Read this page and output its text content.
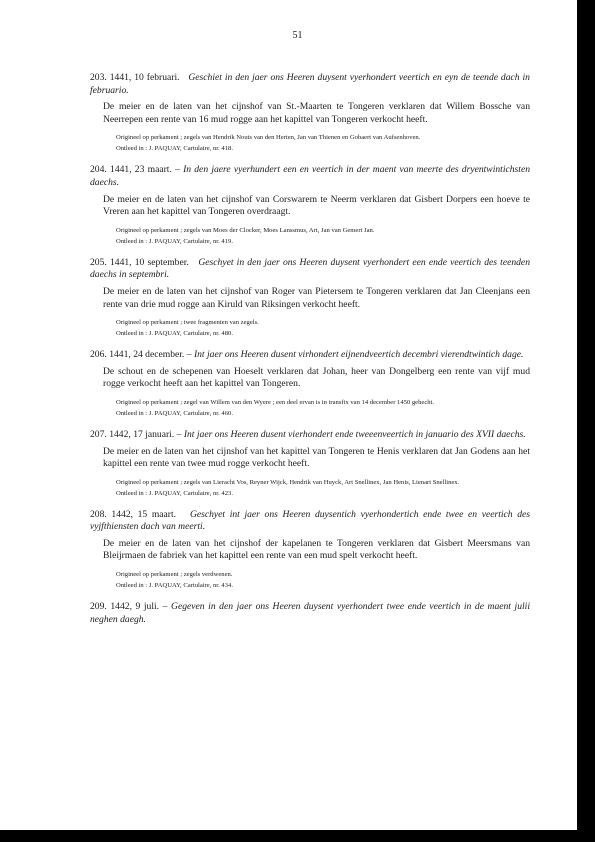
51

203. 1441, 10 februari. Geschiet in den jaer ons Heeren duysent vyerhondert veertich en eyn de teende dach in februario.

De meier en de laten van het cijnshof van St.-Maarten te Tongeren verklaren dat Willem Bossche van Neerrepen een rente van 16 mud rogge aan het kapittel van Tongeren verkocht heeft.

Origineel op perkament ; zegels van Hendrik Nouts van den Herten, Jan van Thienen en Gobaert van Aufsenhoven.

Ontleed in : J. PAQUAY, Cartulaire, nr. 418.

204. 1441, 23 maart. – In den jaere vyerhundert een en veertich in der maent van meerte des dryentwintichsten daechs.

De meier en de laten van het cijnshof van Corswarem te Neerm verklaren dat Gisbert Dorpers een hoeve te Vreren aan het kapittel van Tongeren overdraagt.

Origineel op perkament ; zegels van Moes der Clocker, Moes Lanssmus, Art, Jan van Gemert Jan.

Ontleed in : J. PAQUAY, Cartulaire, nr. 419.

205. 1441, 10 september. Geschyet in den jaer ons Heeren duysent vyerhondert een ende veertich des teenden daechs in septembri.

De meier en de laten van het cijnshof van Roger van Pietersem te Tongeren verklaren dat Jan Cleenjans een rente van drie mud rogge aan Kiruld van Riksingen verkocht heeft.

Origineel op perkament ; twee fragmenten van zegels.

Ontleed in : J. PAQUAY, Cartulaire, nr. 480.

206. 1441, 24 december. – Int jaer ons Heeren dusent virhondert eijnendveertich decembri vierendtwintich dage.

De schout en de schepenen van Hoeselt verklaren dat Johan, heer van Dongelberg een rente van vijf mud rogge verkocht heeft aan het kapittel van Tongeren.

Origineel op perkament ; zegel van Willem van den Wyere ; een deel ervan is in transfix van 14 december 1450 gehecht.

Ontleed in : J. PAQUAY, Cartulaire, nr. 460.

207. 1442, 17 januari. – Int jaer ons Heeren dusent vierhondert ende tweeenveertich in januario des XVII daechs.

De meier en de laten van het cijnshof van het kapittel van Tongeren te Henis verklaren dat Jan Godens aan het kapittel een rente van twee mud rogge verkocht heeft.

Origineel op perkament ; zegels van Lieracht Vos, Reyner Wijck, Hendrik van Huyck, Art Snellinex, Jan Henis, Lienart Snellinex.

Ontleed in : J. PAQUAY, Cartulaire, nr. 423.

208. 1442, 15 maart. Geschyet int jaer ons Heeren duysentich vyerhondertich ende twee en veertich des vyjfthiensten dach van meerti.

De meier en de laten van het cijnshof der kapelanen te Tongeren verklaren dat Gisbert Meersmans van Bleijrmaen de fabriek van het kapittel een rente van een mud spelt verkocht heeft.

Origineel op perkament ; zegels verdwenen.

Ontleed in : J. PAQUAY, Cartulaire, nr. 434.

209. 1442, 9 juli. – Gegeven in den jaer ons Heeren duysent vyerhondert twee ende veertich in de maent julii neghen daegh.
